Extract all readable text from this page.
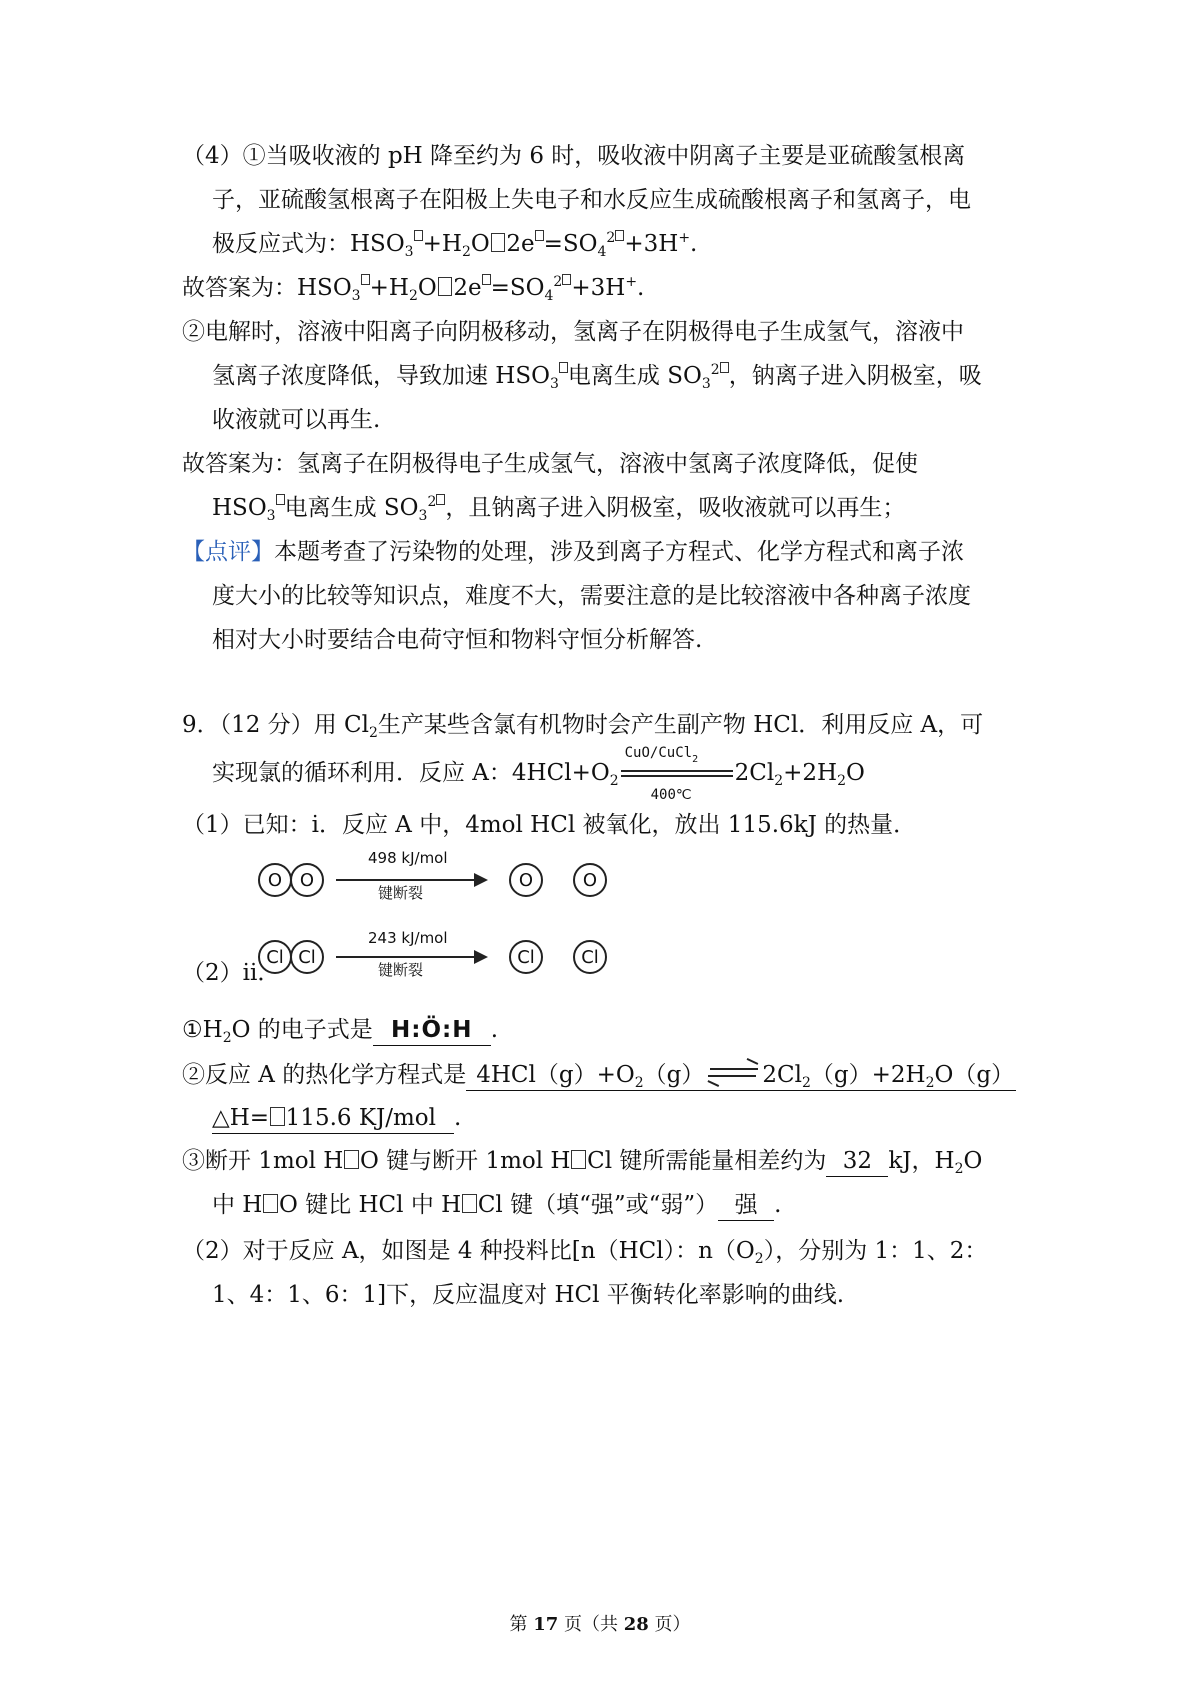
（4）①当吸收液的 pH 降至约为 6 时，吸收液中阴离子主要是亚硫酸氢根离
子，亚硫酸氢根离子在阳极上失电子和水反应生成硫酸根离子和氢离子，电
极反应式为：$HSO_3 +H_2O$ $2e =SO_4^2 +3H^+$.
故答案为：$HSO_3 +H_2O$ $2e =SO_4^2 +3H^+$.
②电解时，溶液中阳离子向阴极移动，氢离子在阴极得电子生成氢气，溶液中
氢离子浓度降低，导致加速 $HSO_3$ 电离生成 $SO_3^2$ ，钠离子进入阴极室，吸
收液就可以再生.
故答案为：氢离子在阴极得电子生成氢气，溶液中氢离子浓度降低，促使
$HSO_3$ 电离生成 $SO_3^2$ ，且钠离子进入阴极室，吸收液就可以再生；
【点评】本题考查了污染物的处理，涉及到离子方程式、化学方程式和离子浓
度大小的比较等知识点，难度不大，需要注意的是比较溶液中各种离子浓度
相对大小时要结合电荷守恒和物料守恒分析解答.
9．（12 分）用 $Cl_2$生产某些含氯有机物时会产生副产物 HCl．利用反应 A，可
实现氯的循环利用．反应 A：$4HCl+O_2$
CuO/CuCl$_2$
400℃
$2Cl_2+2H_2O$
（1）已知：i．反应 A 中，4mol HCl 被氧化，放出 115.6kJ 的热量．
O O
498 kJ/mol
键断裂
O	O
Cl Cl
243 kJ/mol
键断裂
Cl	Cl
（2）ii．
$①H_2O$ 的电子式是 H:Ö:H .
②反应 A 的热化学方程式是 $4HCl(g)+O_2(g)\rightleftharpoons 2Cl_2(g)+2H_2O(g)$
△H= 115.6 KJ/mol .
③断开 1mol H O 键与断开 1mol H Cl 键所需能量相差约为 32 kJ，$H_2O$
中 H O 键比 HCl 中 H Cl 键（填“强”或“弱”） 强 .
（2）对于反应 A，如图是 4 种投料比[n（HCl）：$n(O_2)$，分别为 1：1、2：
1、4：1、6：1]下，反应温度对 HCl 平衡转化率影响的曲线.
第 17 页（共 28 页）
